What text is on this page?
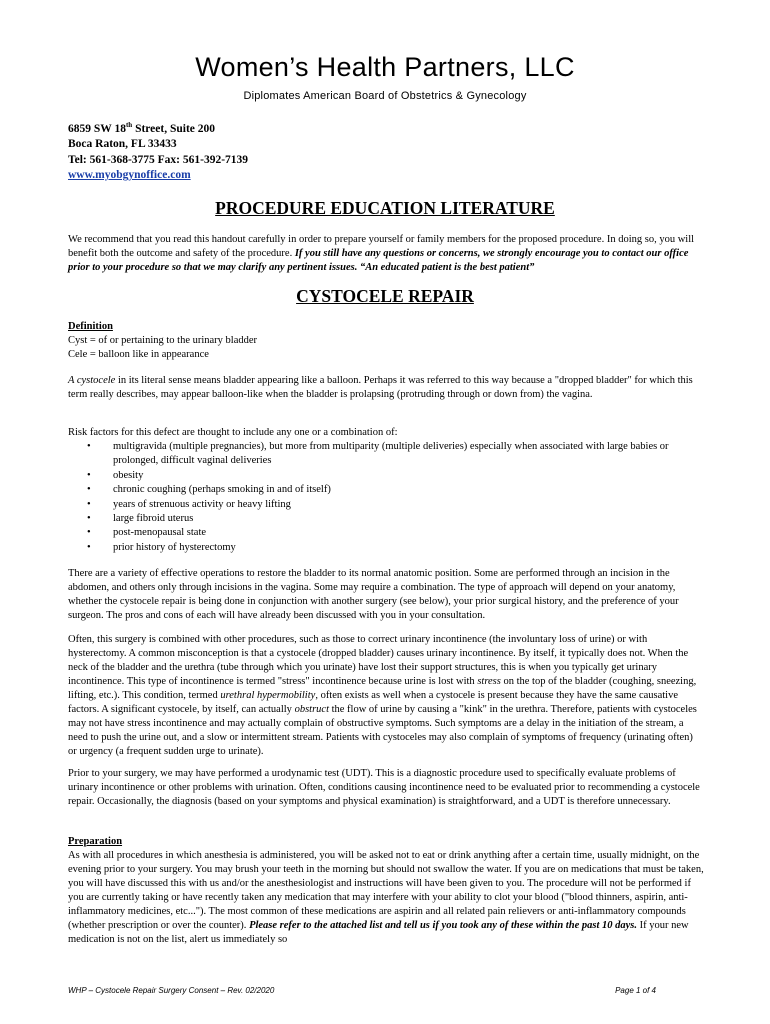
Women’s Health Partners, LLC
Diplomates American Board of Obstetrics & Gynecology
6859 SW 18th Street, Suite 200
Boca Raton, FL 33433
Tel: 561-368-3775 Fax: 561-392-7139
www.myobgynoffice.com
PROCEDURE EDUCATION LITERATURE
We recommend that you read this handout carefully in order to prepare yourself or family members for the proposed procedure. In doing so, you will benefit both the outcome and safety of the procedure. If you still have any questions or concerns, we strongly encourage you to contact our office prior to your procedure so that we may clarify any pertinent issues. “An educated patient is the best patient”
CYSTOCELE REPAIR
Definition
Cyst = of or pertaining to the urinary bladder
Cele = balloon like in appearance
A cystocele in its literal sense means bladder appearing like a balloon. Perhaps it was referred to this way because a "dropped bladder" for which this term really describes, may appear balloon-like when the bladder is prolapsing (protruding through or down from) the vagina.
Risk factors for this defect are thought to include any one or a combination of:
• multigravida (multiple pregnancies), but more from multiparity (multiple deliveries) especially when associated with large babies or prolonged, difficult vaginal deliveries
• obesity
• chronic coughing (perhaps smoking in and of itself)
• years of strenuous activity or heavy lifting
• large fibroid uterus
• post-menopausal state
• prior history of hysterectomy
There are a variety of effective operations to restore the bladder to its normal anatomic position. Some are performed through an incision in the abdomen, and others only through incisions in the vagina. Some may require a combination. The type of approach will depend on your anatomy, whether the cystocele repair is being done in conjunction with another surgery (see below), your prior surgical history, and the preference of your surgeon. The pros and cons of each will have already been discussed with you in your consultation.
Often, this surgery is combined with other procedures, such as those to correct urinary incontinence (the involuntary loss of urine) or with hysterectomy. A common misconception is that a cystocele (dropped bladder) causes urinary incontinence. By itself, it typically does not. When the neck of the bladder and the urethra (tube through which you urinate) have lost their support structures, this is when you typically get urinary incontinence. This type of incontinence is termed "stress" incontinence because urine is lost with stress on the top of the bladder (coughing, sneezing, lifting, etc.). This condition, termed urethral hypermobility, often exists as well when a cystocele is present because they have the same causative factors. A significant cystocele, by itself, can actually obstruct the flow of urine by causing a "kink" in the urethra. Therefore, patients with cystoceles may not have stress incontinence and may actually complain of obstructive symptoms. Such symptoms are a delay in the initiation of the stream, a need to push the urine out, and a slow or intermittent stream. Patients with cystoceles may also complain of symptoms of frequency (urinating often) or urgency (a frequent sudden urge to urinate).
Prior to your surgery, we may have performed a urodynamic test (UDT). This is a diagnostic procedure used to specifically evaluate problems of urinary incontinence or other problems with urination. Often, conditions causing incontinence need to be evaluated prior to recommending a cystocele repair. Occasionally, the diagnosis (based on your symptoms and physical examination) is straightforward, and a UDT is therefore unnecessary.
Preparation
As with all procedures in which anesthesia is administered, you will be asked not to eat or drink anything after a certain time, usually midnight, on the evening prior to your surgery. You may brush your teeth in the morning but should not swallow the water. If you are on medications that must be taken, you will have discussed this with us and/or the anesthesiologist and instructions will have been given to you. The procedure will not be performed if you are currently taking or have recently taken any medication that may interfere with your ability to clot your blood ("blood thinners, aspirin, anti-inflammatory medicines, etc..."). The most common of these medications are aspirin and all related pain relievers or anti-inflammatory compounds (whether prescription or over the counter). Please refer to the attached list and tell us if you took any of these within the past 10 days. If your new medication is not on the list, alert us immediately so
WHP – Cystocele Repair Surgery Consent – Rev. 02/2020	Page 1 of 4
